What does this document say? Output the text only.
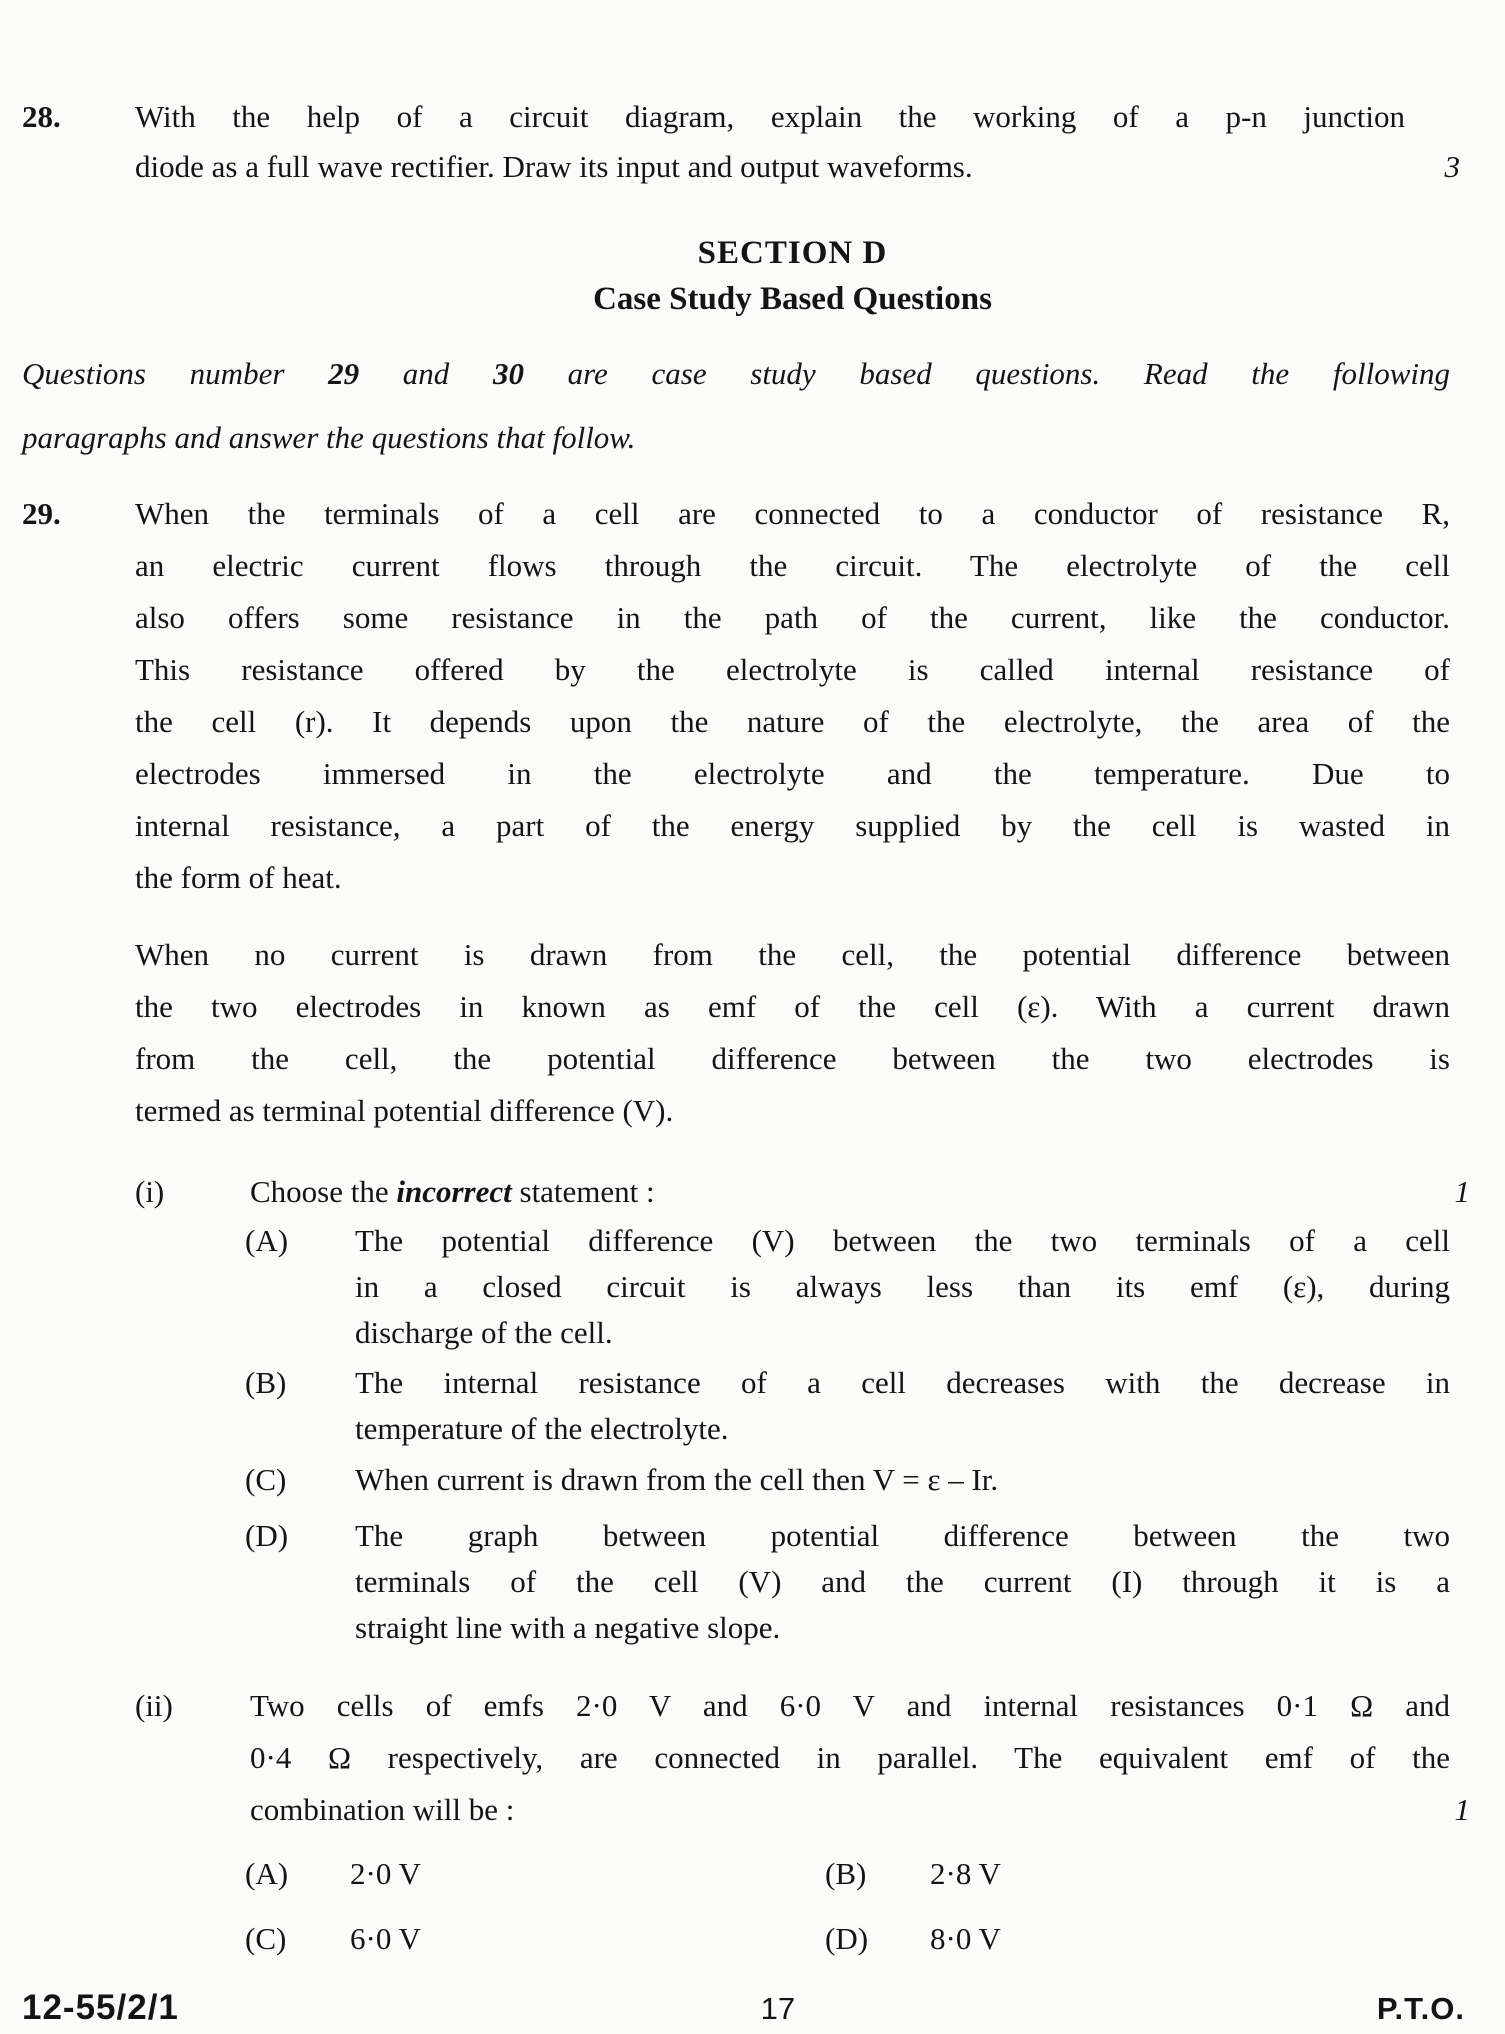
28.	With the help of a circuit diagram, explain the working of a p-n junction
diode as a full wave rectifier. Draw its input and output waveforms.	3
SECTION D
Case Study Based Questions
Questions number 29 and 30 are case study based questions. Read the following
paragraphs and answer the questions that follow.
29.	When the terminals of a cell are connected to a conductor of resistance R,
an electric current flows through the circuit. The electrolyte of the cell
also offers some resistance in the path of the current, like the conductor.
This resistance offered by the electrolyte is called internal resistance of
the cell (r). It depends upon the nature of the electrolyte, the area of the
electrodes immersed in the electrolyte and the temperature. Due to
internal resistance, a part of the energy supplied by the cell is wasted in
the form of heat.
When no current is drawn from the cell, the potential difference between
the two electrodes in known as emf of the cell (ε). With a current drawn
from the cell, the potential difference between the two electrodes is
termed as terminal potential difference (V).
(i)	Choose the incorrect statement :	1
(A)	The potential difference (V) between the two terminals of a cell
in a closed circuit is always less than its emf (ε), during
discharge of the cell.
(B)	The internal resistance of a cell decreases with the decrease in
temperature of the electrolyte.
(C)	When current is drawn from the cell then V = ε – Ir.
(D)	The graph between potential difference between the two
terminals of the cell (V) and the current (I) through it is a
straight line with a negative slope.
(ii)	Two cells of emfs 2·0 V and 6·0 V and internal resistances 0·1 Ω and
0·4 Ω respectively, are connected in parallel. The equivalent emf of the
combination will be :	1
(A)	2·0 V	(B)	2·8 V
(C)	6·0 V	(D)	8·0 V
12-55/2/1	17	P.T.O.
